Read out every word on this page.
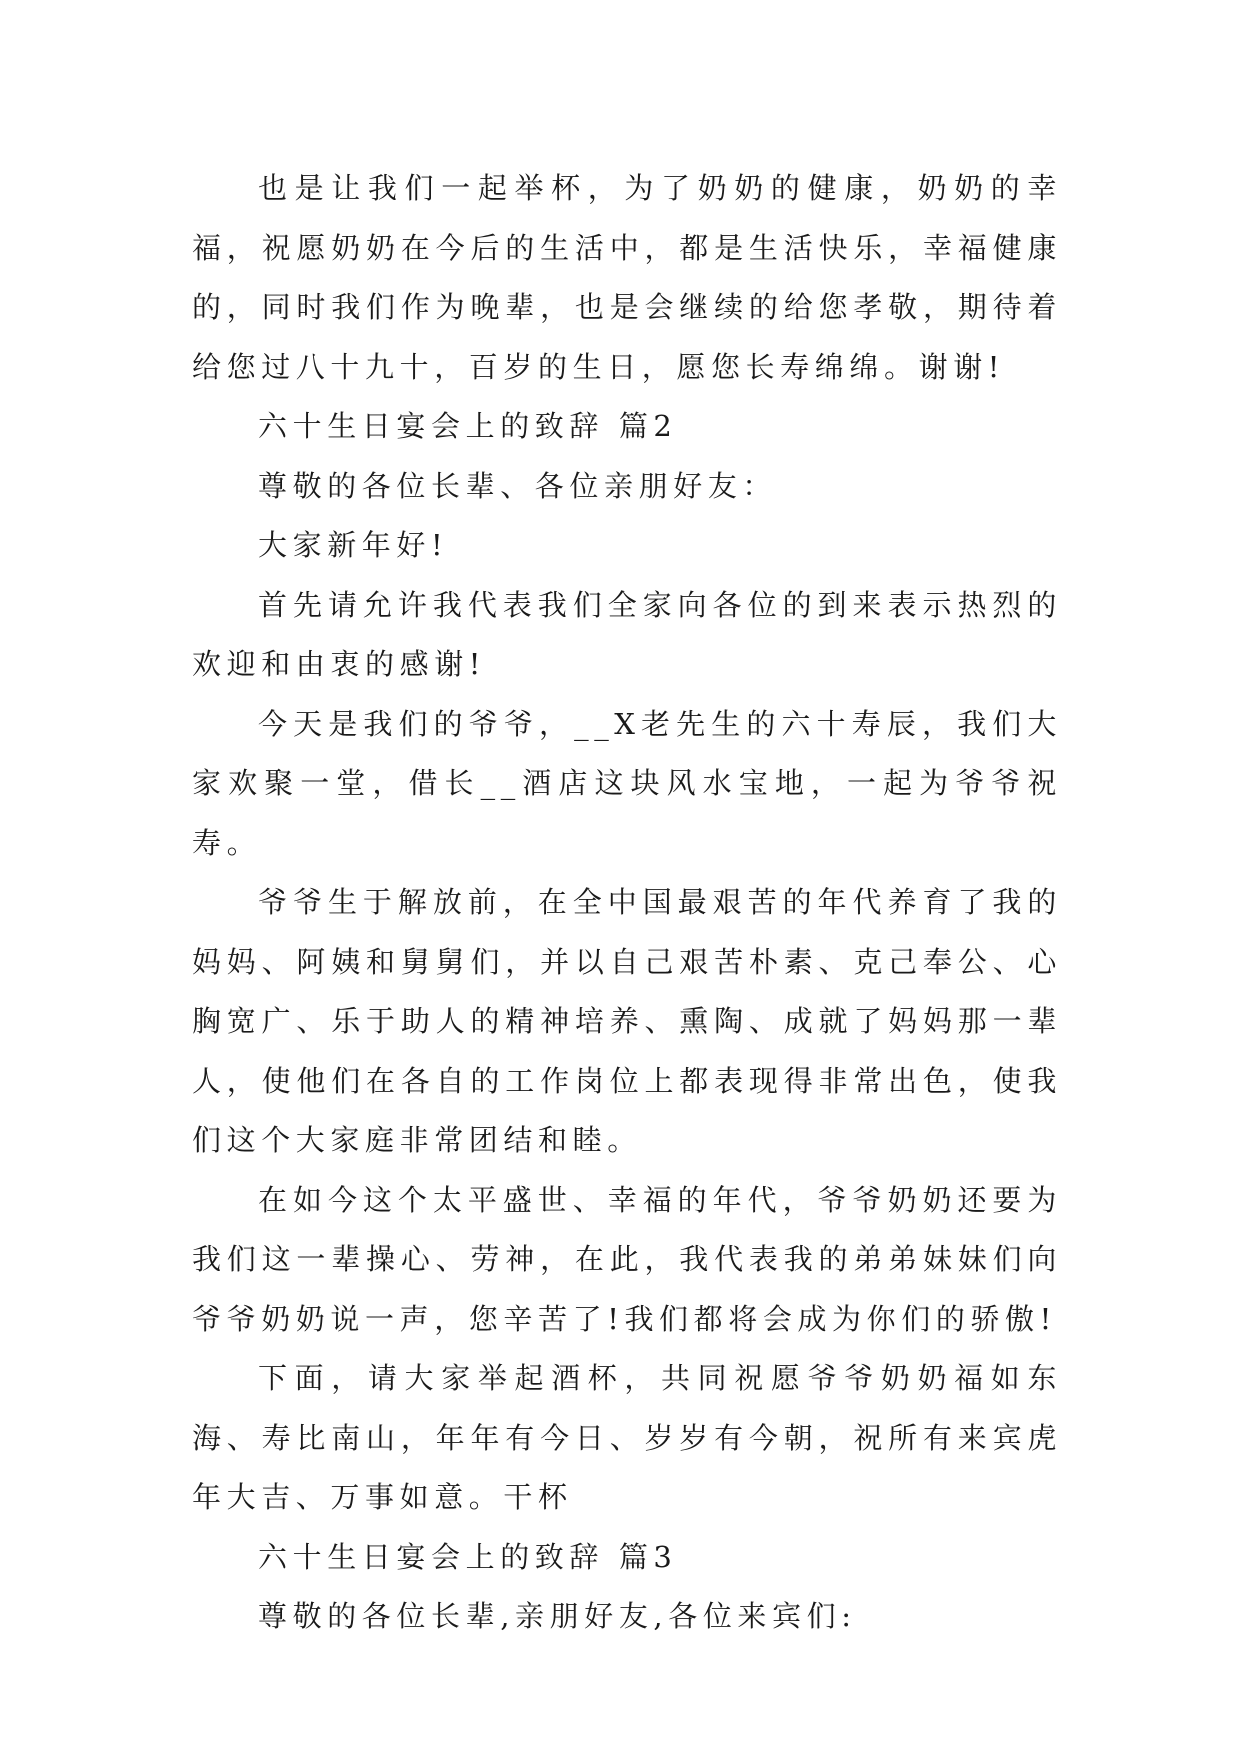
也是让我们一起举杯，为了奶奶的健康，奶奶的幸福，祝愿奶奶在今后的生活中，都是生活快乐，幸福健康的，同时我们作为晚辈，也是会继续的给您孝敬，期待着给您过八十九十，百岁的生日，愿您长寿绵绵。谢谢!

六十生日宴会上的致辞 篇2

尊敬的各位长辈、各位亲朋好友：

大家新年好!

首先请允许我代表我们全家向各位的到来表示热烈的欢迎和由衷的感谢!

今天是我们的爷爷，__X老先生的六十寿辰，我们大家欢聚一堂，借长__酒店这块风水宝地，一起为爷爷祝寿。

爷爷生于解放前，在全中国最艰苦的年代养育了我的妈妈、阿姨和舅舅们，并以自己艰苦朴素、克己奉公、心胸宽广、乐于助人的精神培养、熏陶、成就了妈妈那一辈人，使他们在各自的工作岗位上都表现得非常出色，使我们这个大家庭非常团结和睦。

在如今这个太平盛世、幸福的年代，爷爷奶奶还要为我们这一辈操心、劳神，在此，我代表我的弟弟妹妹们向爷爷奶奶说一声，您辛苦了!我们都将会成为你们的骄傲!

下面，请大家举起酒杯，共同祝愿爷爷奶奶福如东海、寿比南山，年年有今日、岁岁有今朝，祝所有来宾虎年大吉、万事如意。干杯

六十生日宴会上的致辞 篇3

尊敬的各位长辈,亲朋好友,各位来宾们:
